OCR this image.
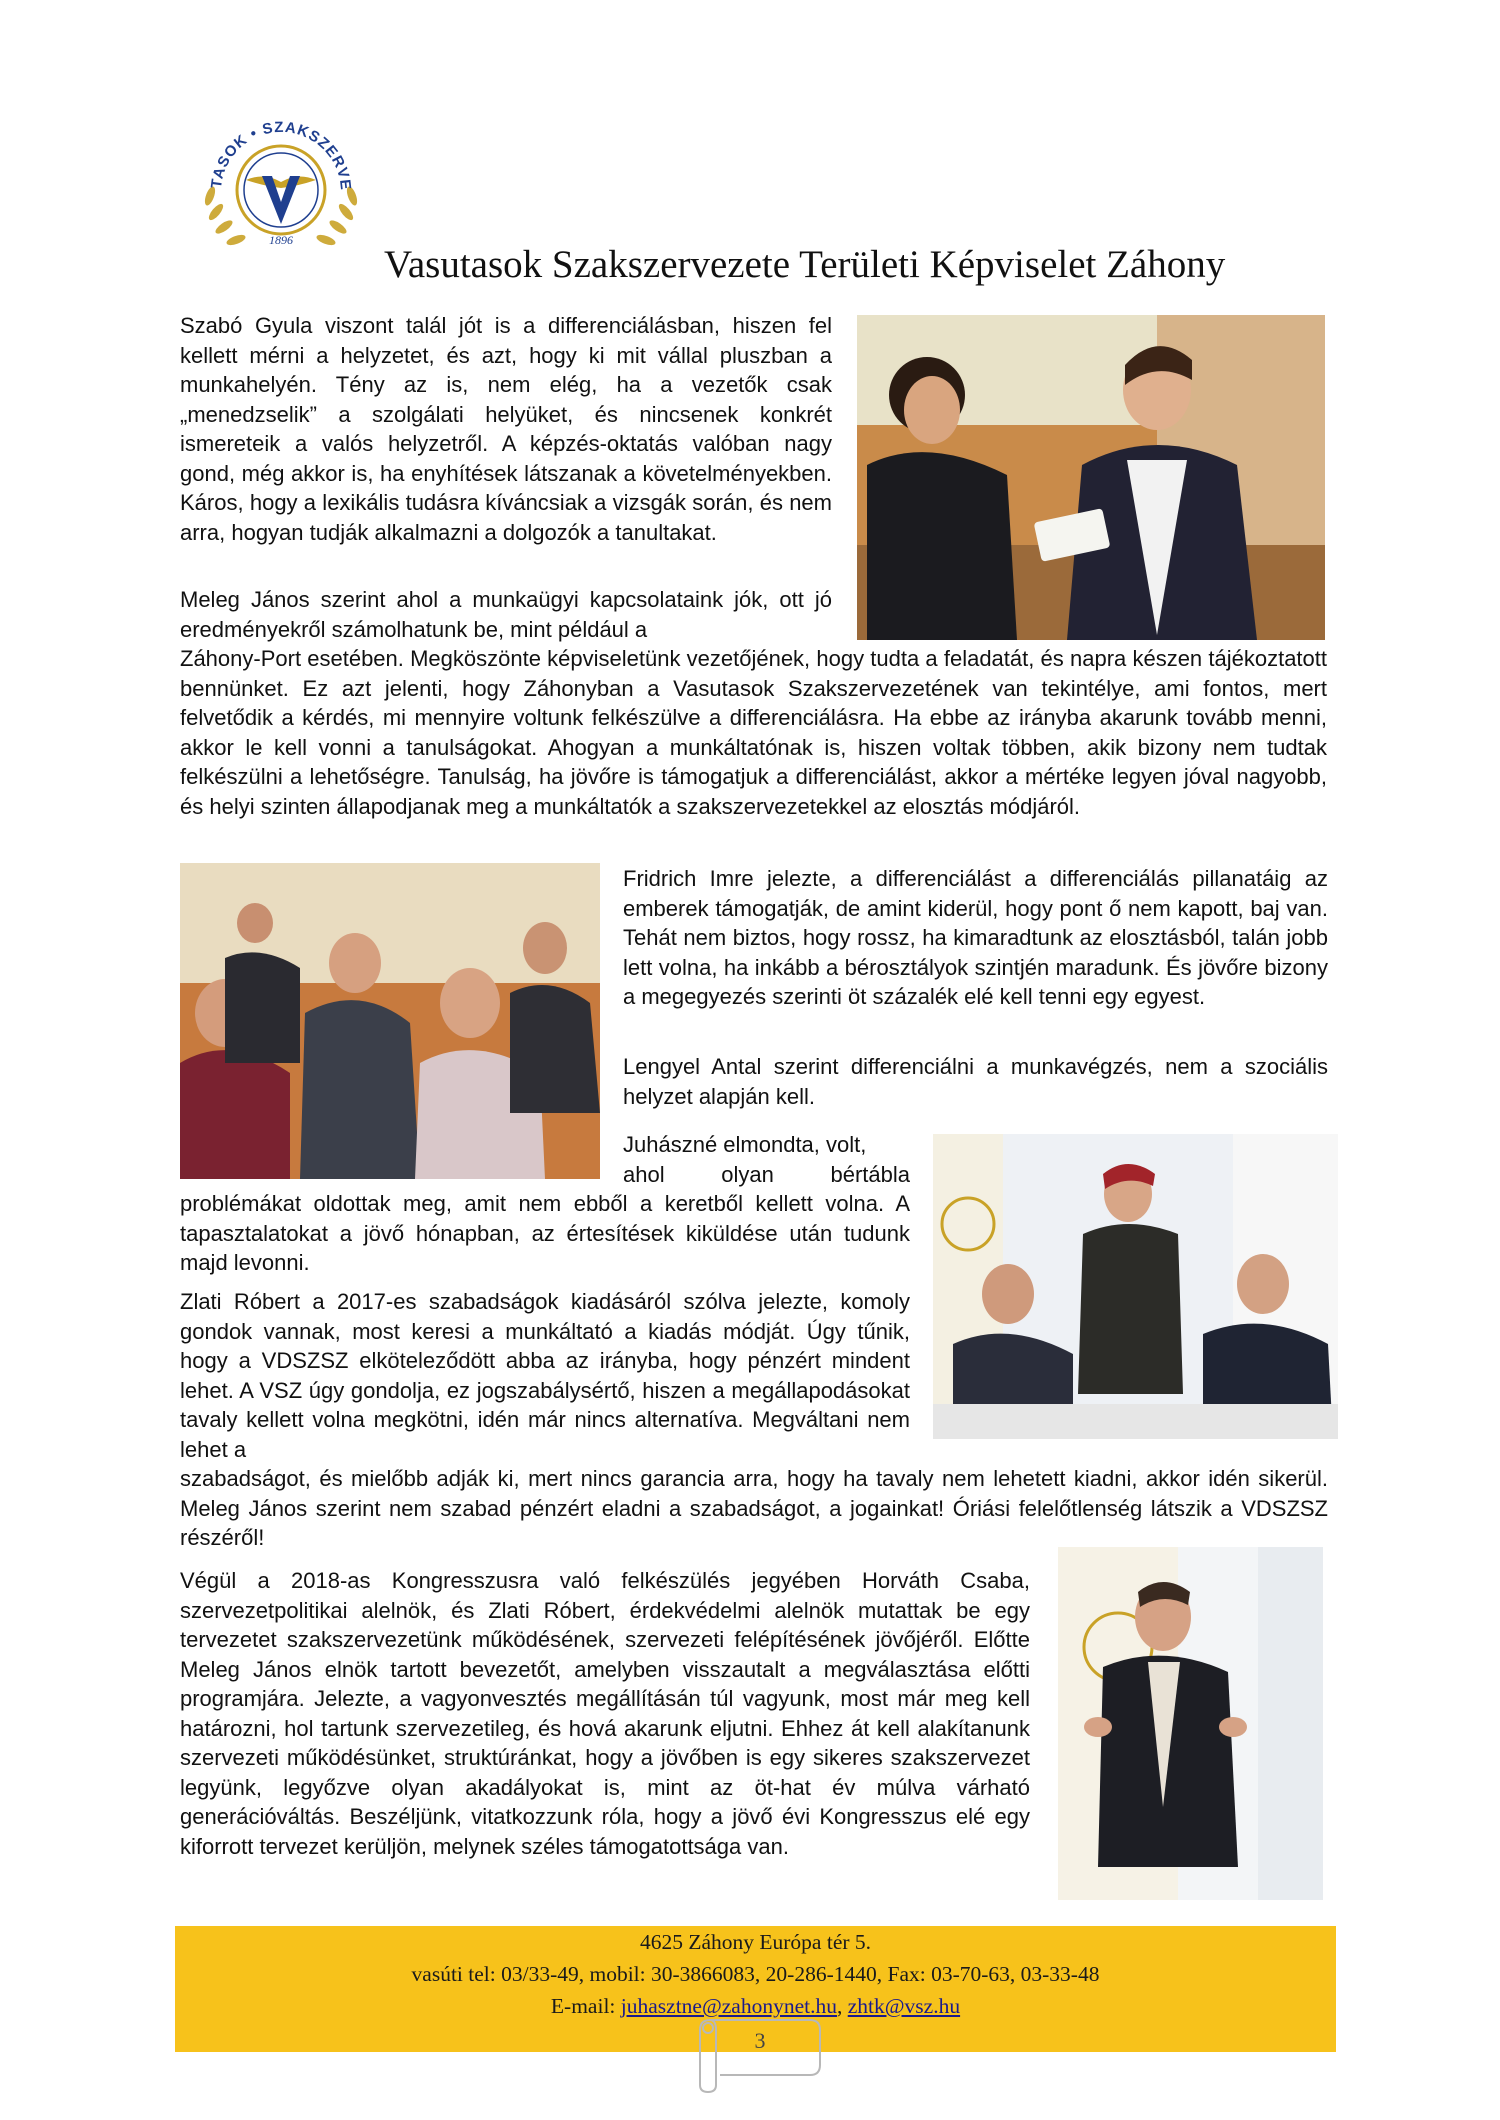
1896
TASOK • SZAKSZERVE
Vasutasok Szakszervezete Területi Képviselet Záhony

Szabó Gyula viszont talál jót is a differenciálásban, hiszen fel kellett mérni a helyzetet, és azt, hogy ki mit vállal pluszban a munkahelyén. Tény az is, nem elég, ha a vezetők csak „menedzselik” a szolgálati helyüket, és nincsenek konkrét ismereteik a valós helyzetről. A képzés-oktatás valóban nagy gond, még akkor is, ha enyhítések látszanak a követelményekben. Káros, hogy a lexikális tudásra kíváncsiak a vizsgák során, és nem arra, hogyan tudják alkalmazni a dolgozók a tanultakat.

Meleg János szerint ahol a munkaügyi kapcsolataink jók, ott jó eredményekről számolhatunk be, mint például a

Záhony-Port esetében. Megköszönte képviseletünk vezetőjének, hogy tudta a feladatát, és napra készen tájékoztatott bennünket. Ez azt jelenti, hogy Záhonyban a Vasutasok Szakszervezetének van tekintélye, ami fontos, mert felvetődik a kérdés, mi mennyire voltunk felkészülve a differenciálásra. Ha ebbe az irányba akarunk tovább menni, akkor le kell vonni a tanulságokat. Ahogyan a munkáltatónak is, hiszen voltak többen, akik bizony nem tudtak felkészülni a lehetőségre. Tanulság, ha jövőre is támogatjuk a differenciálást, akkor a mértéke legyen jóval nagyobb, és helyi szinten állapodjanak meg a munkáltatók a szakszervezetekkel az elosztás módjáról.

Fridrich Imre jelezte, a differenciálást a differenciálás pillanatáig az emberek támogatják, de amint kiderül, hogy pont ő nem kapott, baj van. Tehát nem biztos, hogy rossz, ha kimaradtunk az elosztásból, talán jobb lett volna, ha inkább a bérosztályok szintjén maradunk. És jövőre bizony a megegyezés szerinti öt százalék elé kell tenni egy egyest.

Lengyel Antal szerint differenciálni a munkavégzés, nem a szociális helyzet alapján kell.

Juhászné elmondta, volt,

ahol olyan bértábla

problémákat oldottak meg, amit nem ebből a keretből kellett volna. A tapasztalatokat a jövő hónapban, az értesítések kiküldése után tudunk majd levonni.

Zlati Róbert a 2017-es szabadságok kiadásáról szólva jelezte, komoly gondok vannak, most keresi a munkáltató a kiadás módját. Úgy tűnik, hogy a VDSZSZ elköteleződött abba az irányba, hogy pénzért mindent lehet. A VSZ úgy gondolja, ez jogszabálysértő, hiszen a megállapodásokat tavaly kellett volna megkötni, idén már nincs alternatíva. Megváltani nem lehet a

szabadságot, és mielőbb adják ki, mert nincs garancia arra, hogy ha tavaly nem lehetett kiadni, akkor idén sikerül. Meleg János szerint nem szabad pénzért eladni a szabadságot, a jogainkat! Óriási felelőtlenség látszik a VDSZSZ részéről!

Végül a 2018-as Kongresszusra való felkészülés jegyében Horváth Csaba, szervezetpolitikai alelnök, és Zlati Róbert, érdekvédelmi alelnök mutattak be egy tervezetet szakszervezetünk működésének, szervezeti felépítésének jövőjéről. Előtte Meleg János elnök tartott bevezetőt, amelyben visszautalt a megválasztása előtti programjára. Jelezte, a vagyonvesztés megállításán túl vagyunk, most már meg kell határozni, hol tartunk szervezetileg, és hová akarunk eljutni. Ehhez át kell alakítanunk szervezeti működésünket, struktúránkat, hogy a jövőben is egy sikeres szakszervezet legyünk, legyőzve olyan akadályokat is, mint az öt-hat év múlva várható generációváltás. Beszéljünk, vitatkozzunk róla, hogy a jövő évi Kongresszus elé egy kiforrott tervezet kerüljön, melynek széles támogatottsága van.

4625 Záhony Európa tér 5.
vasúti tel: 03/33-49, mobil: 30-3866083, 20-286-1440, Fax: 03-70-63, 03-33-48
E-mail: juhasztne@zahonynet.hu, zhtk@vsz.hu
3
